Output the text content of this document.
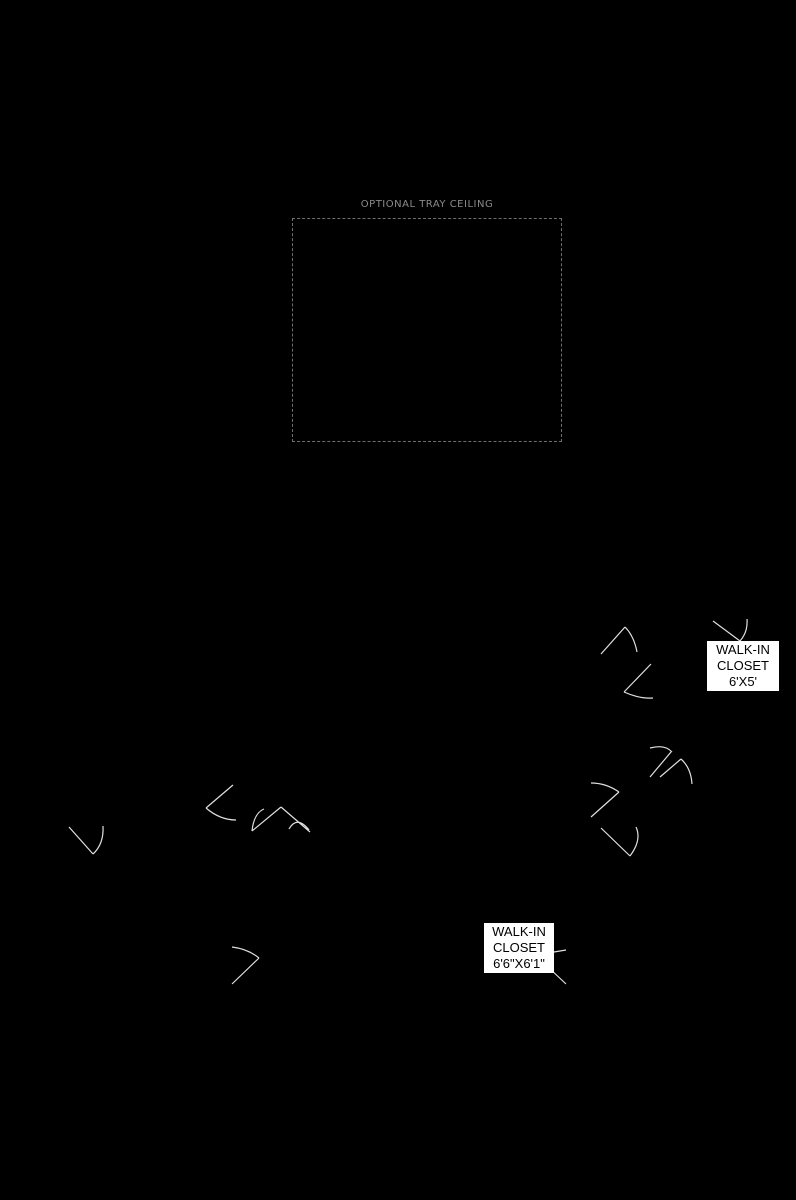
OPTIONAL TRAY CEILING
WALK-IN
CLOSET
6'X5'
WALK-IN
CLOSET
6'6"X6'1"
